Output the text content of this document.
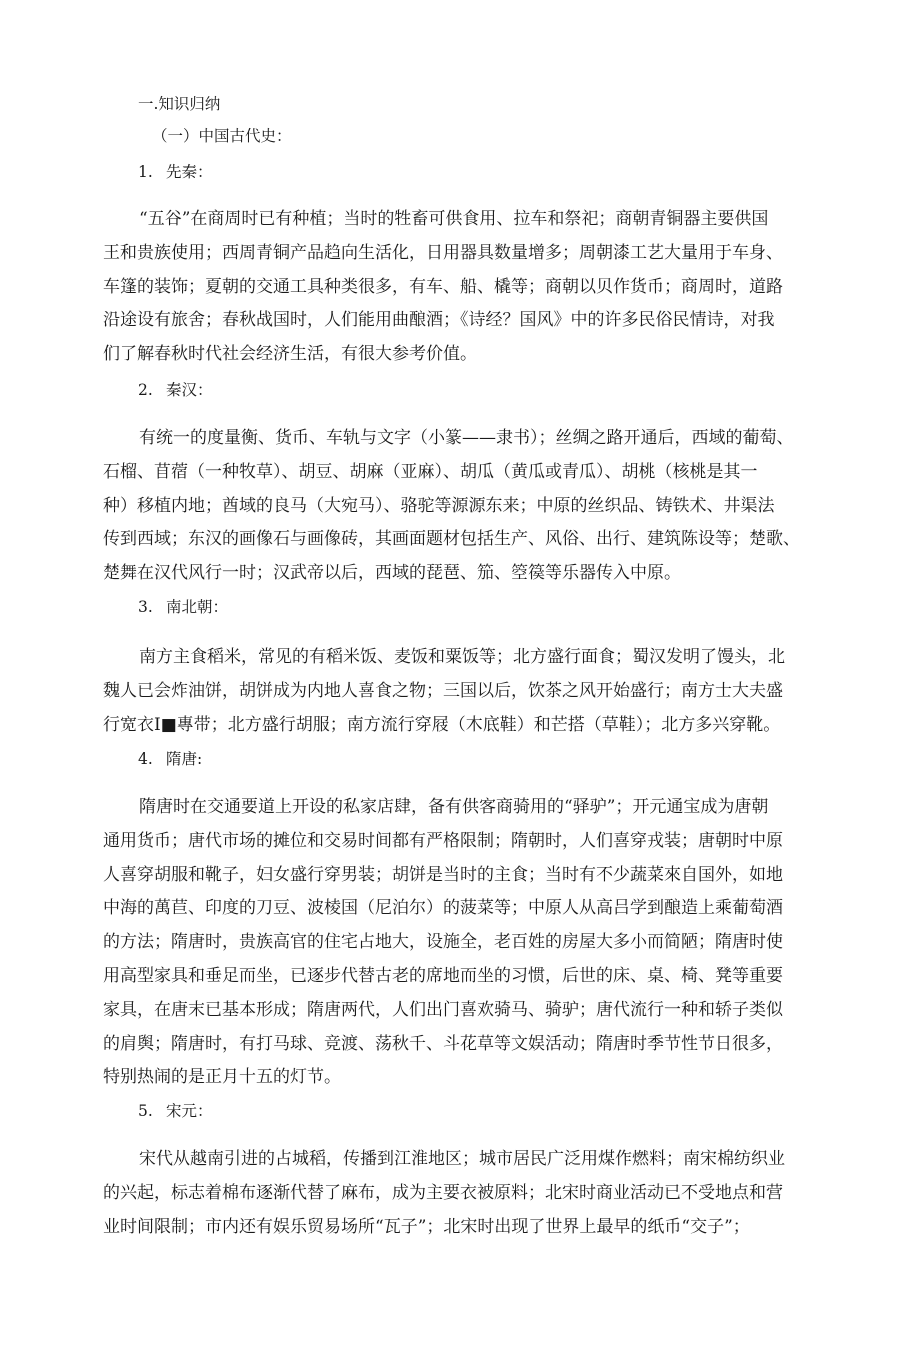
一.知识归纳
（一）中国古代史：
1. 先秦：
“五谷”在商周时已有种植；当时的牲畜可供食用、拉车和祭祀；商朝青铜器主要供国
王和贵族使用；西周青铜产品趋向生活化，日用器具数量增多；周朝漆工艺大量用于车身、
车篷的装饰；夏朝的交通工具种类很多，有车、船、橇等；商朝以贝作货币；商周时，道路
沿途设有旅舍；春秋战国时，人们能用曲酿酒；《诗经？国风》中的许多民俗民情诗，对我
们了解春秋时代社会经济生活，有很大参考价值。
2. 秦汉：
有统一的度量衡、货币、车轨与文字（小篆——隶书）；丝绸之路开通后，西域的葡萄、
石榴、苜蓿（一种牧草）、胡豆、胡麻（亚麻）、胡瓜（黄瓜或青瓜）、胡桃（核桃是其一
种）移植内地；酋域的良马（大宛马）、骆驼等源源东来；中原的丝织品、铸铁术、井渠法
传到西域；东汉的画像石与画像砖，其画面题材包括生产、风俗、出行、建筑陈设等；楚歌、
楚舞在汉代风行一时；汉武帝以后，西域的琵琶、笳、箜篌等乐器传入中原。
3. 南北朝：
南方主食稻米，常见的有稻米饭、麦饭和粟饭等；北方盛行面食；蜀汉发明了馒头，北
魏人已会炸油饼，胡饼成为内地人喜食之物；三国以后，饮茶之风开始盛行；南方士大夫盛
行宽衣I■專带；北方盛行胡服；南方流行穿屐（木底鞋）和芒搭（草鞋）；北方多兴穿靴。
4. 隋唐:
隋唐时在交通要道上开设的私家店肆，备有供客商骑用的“驿驴”；开元通宝成为唐朝
通用货币；唐代市场的摊位和交易时间都有严格限制；隋朝时，人们喜穿戎装；唐朝时中原
人喜穿胡服和靴子，妇女盛行穿男装；胡饼是当时的主食；当时有不少蔬菜來自国外，如地
中海的萬苣、印度的刀豆、波棱国（尼泊尔）的菠菜等；中原人从高吕学到酿造上乘葡萄酒
的方法；隋唐时，贵族高官的住宅占地大，设施全，老百姓的房屋大多小而简陋；隋唐时使
用高型家具和垂足而坐，已逐步代替古老的席地而坐的习惯，后世的床、桌、椅、凳等重要
家具，在唐末已基本形成；隋唐两代，人们出门喜欢骑马、骑驴；唐代流行一种和轿子类似
的肩舆；隋唐时，有打马球、竞渡、荡秋千、斗花草等文娱活动；隋唐时季节性节日很多，
特别热闹的是正月十五的灯节。
5. 宋元：
宋代从越南引进的占城稻，传播到江淮地区；城市居民广泛用煤作燃料；南宋棉纺织业
的兴起，标志着棉布逐渐代替了麻布，成为主要衣被原料；北宋时商业活动已不受地点和营
业时间限制；市内还有娱乐贸易场所“瓦子”；北宋时出现了世界上最早的纸币“交子”；
